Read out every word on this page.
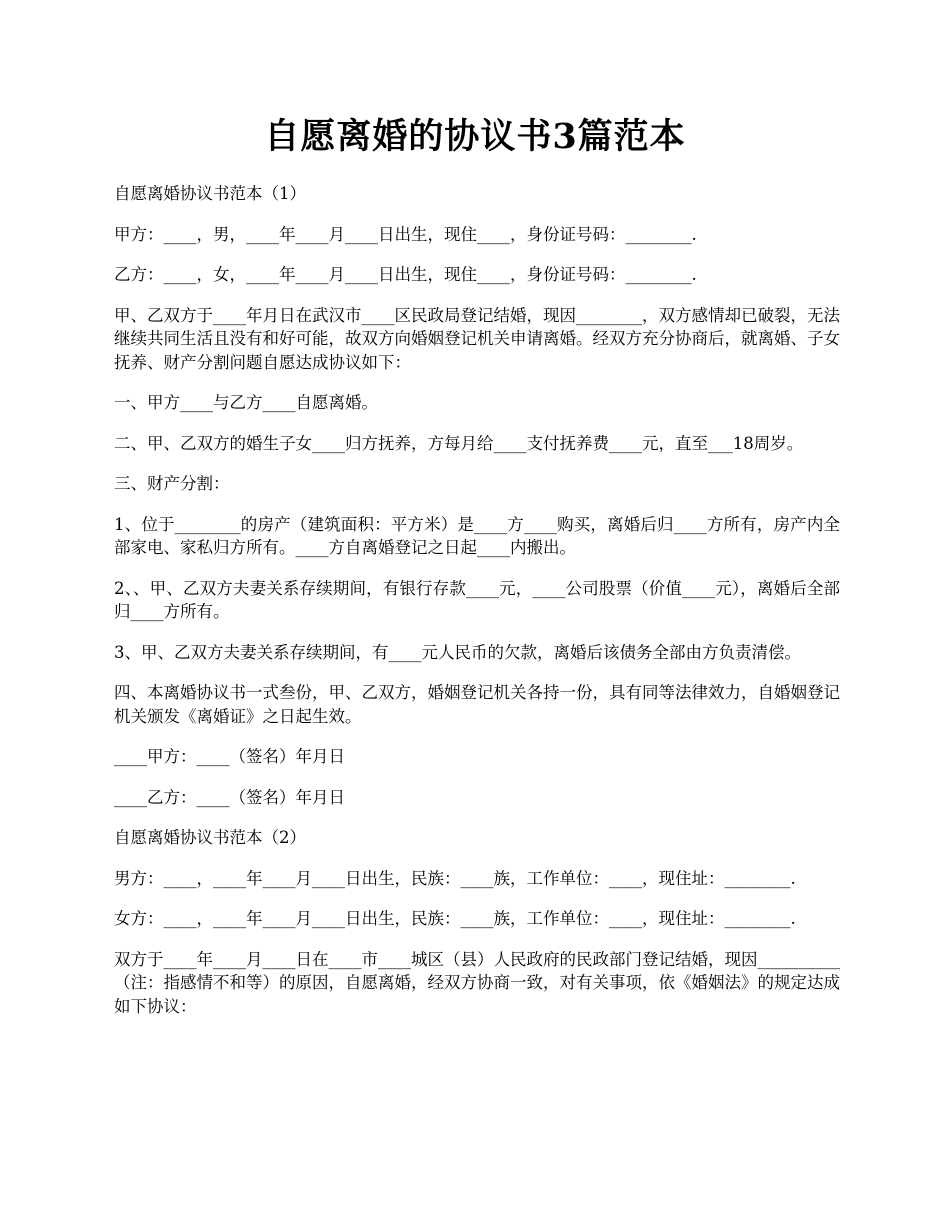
自愿离婚的协议书3篇范本

自愿离婚协议书范本（1）

甲方：____，男，____年____月____日出生，现住____，身份证号码：________.

乙方：____，女，____年____月____日出生，现住____，身份证号码：________.

甲、乙双方于____年月日在武汉市____区民政局登记结婚，现因________，双方感情却已破裂，无法继续共同生活且没有和好可能，故双方向婚姻登记机关申请离婚。经双方充分协商后，就离婚、子女抚养、财产分割问题自愿达成协议如下：

一、甲方____与乙方____自愿离婚。

二、甲、乙双方的婚生子女____归方抚养，方每月给____支付抚养费____元，直至___18周岁。

三、财产分割：

1、位于________的房产（建筑面积：平方米）是____方____购买，离婚后归____方所有，房产内全部家电、家私归方所有。____方自离婚登记之日起____内搬出。

2、、甲、乙双方夫妻关系存续期间，有银行存款____元，____公司股票（价值____元），离婚后全部归____方所有。

3、甲、乙双方夫妻关系存续期间，有____元人民币的欠款，离婚后该债务全部由方负责清偿。

四、本离婚协议书一式叁份，甲、乙双方，婚姻登记机关各持一份，具有同等法律效力，自婚姻登记机关颁发《离婚证》之日起生效。

____甲方：____（签名）年月日

____乙方：____（签名）年月日

自愿离婚协议书范本（2）

男方：____，____年____月____日出生，民族：____族，工作单位：____，现住址：________.

女方：____，____年____月____日出生，民族：____族，工作单位：____，现住址：________.

双方于____年____月____日在____市____城区（县）人民政府的民政部门登记结婚，现因__________（注：指感情不和等）的原因，自愿离婚，经双方协商一致，对有关事项，依《婚姻法》的规定达成如下协议：
